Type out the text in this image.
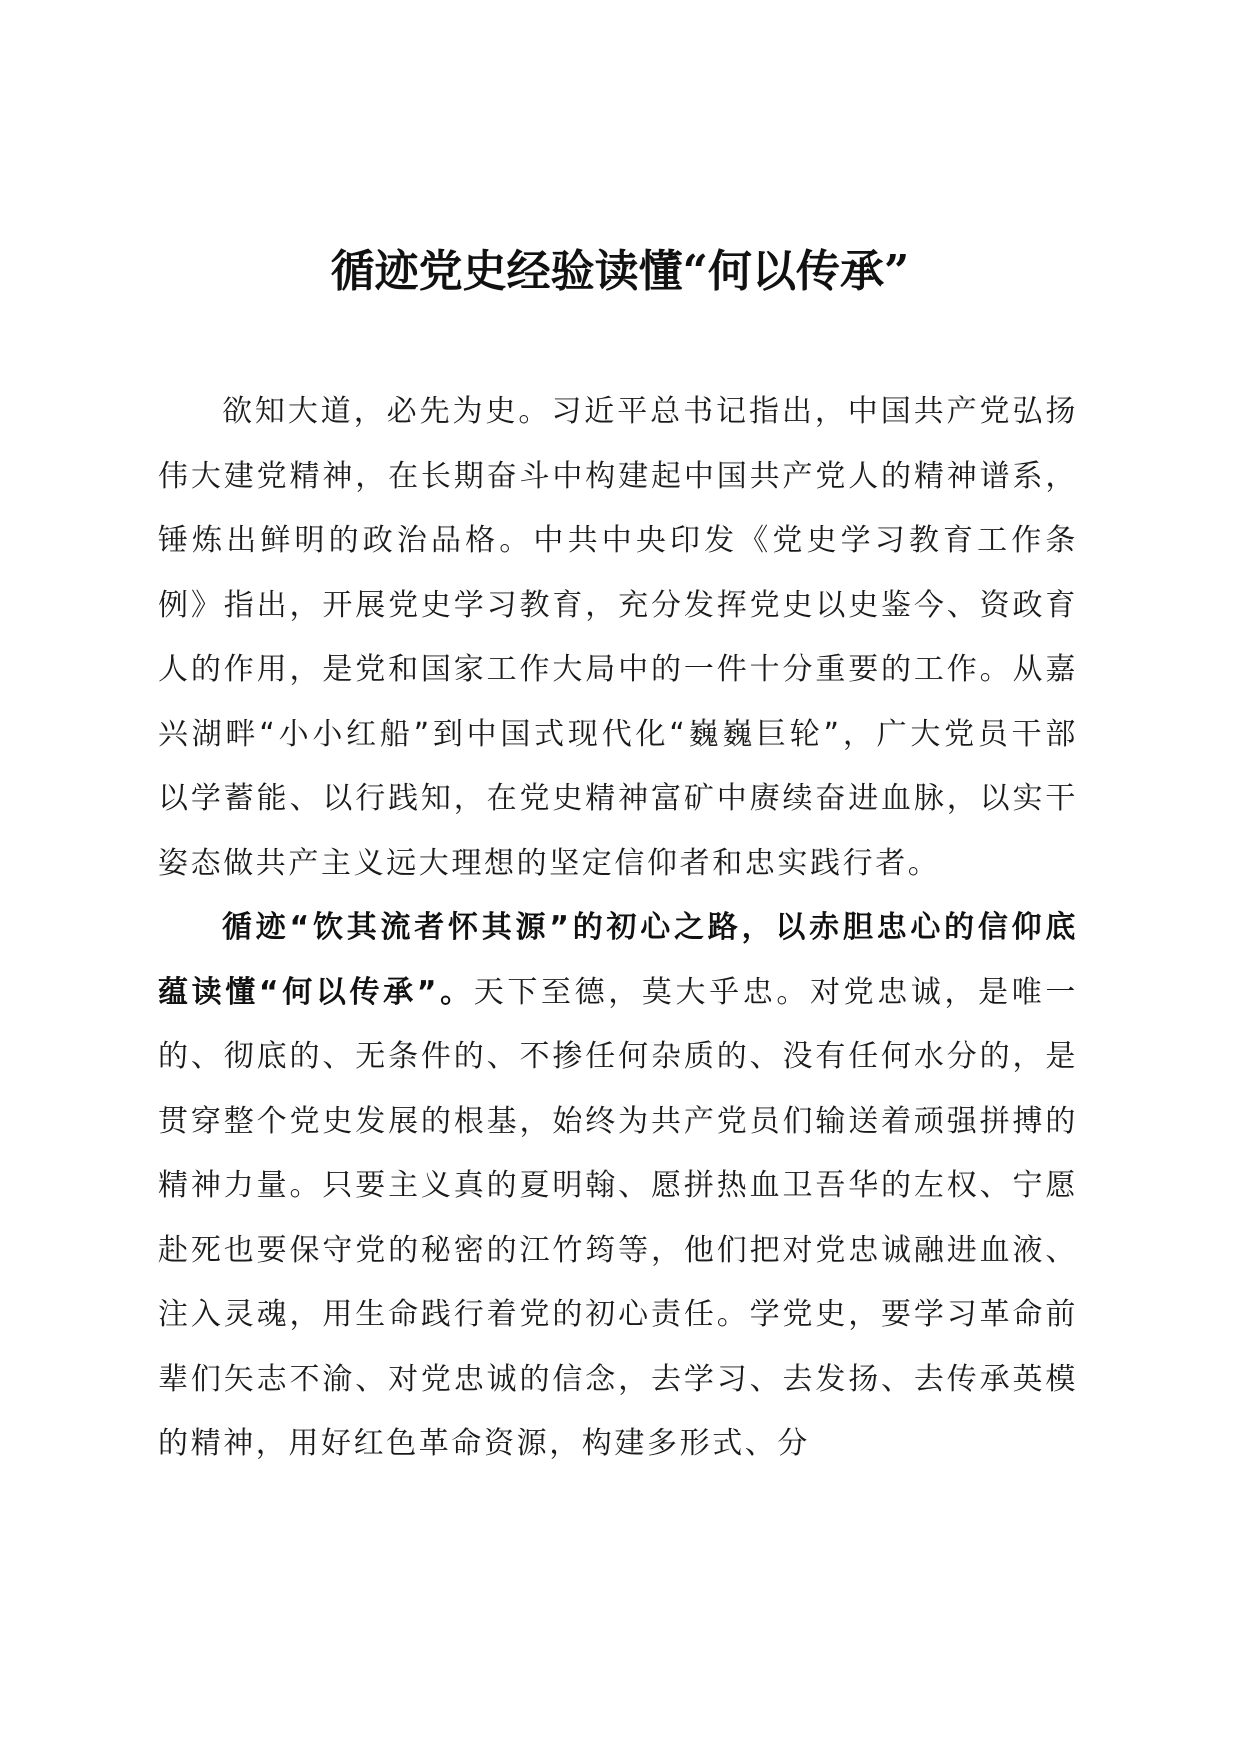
循迹党史经验读懂“何以传承”

欲知大道，必先为史。习近平总书记指出，中国共产党弘扬伟大建党精神，在长期奋斗中构建起中国共产党人的精神谱系，锤炼出鲜明的政治品格。中共中央印发《党史学习教育工作条例》指出，开展党史学习教育，充分发挥党史以史鉴今、资政育人的作用，是党和国家工作大局中的一件十分重要的工作。从嘉兴湖畔“小小红船”到中国式现代化“巍巍巨轮”，广大党员干部以学蓄能、以行践知，在党史精神富矿中赓续奋进血脉，以实干姿态做共产主义远大理想的坚定信仰者和忠实践行者。

循迹“饮其流者怀其源”的初心之路，以赤胆忠心的信仰底蕴读懂“何以传承”。天下至德，莫大乎忠。对党忠诚，是唯一的、彻底的、无条件的、不掺任何杂质的、没有任何水分的，是贯穿整个党史发展的根基，始终为共产党员们输送着顽强拼搏的精神力量。只要主义真的夏明翰、愿拼热血卫吾华的左权、宁愿赴死也要保守党的秘密的江竹筠等，他们把对党忠诚融进血液、注入灵魂，用生命践行着党的初心责任。学党史，要学习革命前辈们矢志不渝、对党忠诚的信念，去学习、去发扬、去传承英模的精神，用好红色革命资源，构建多形式、分
